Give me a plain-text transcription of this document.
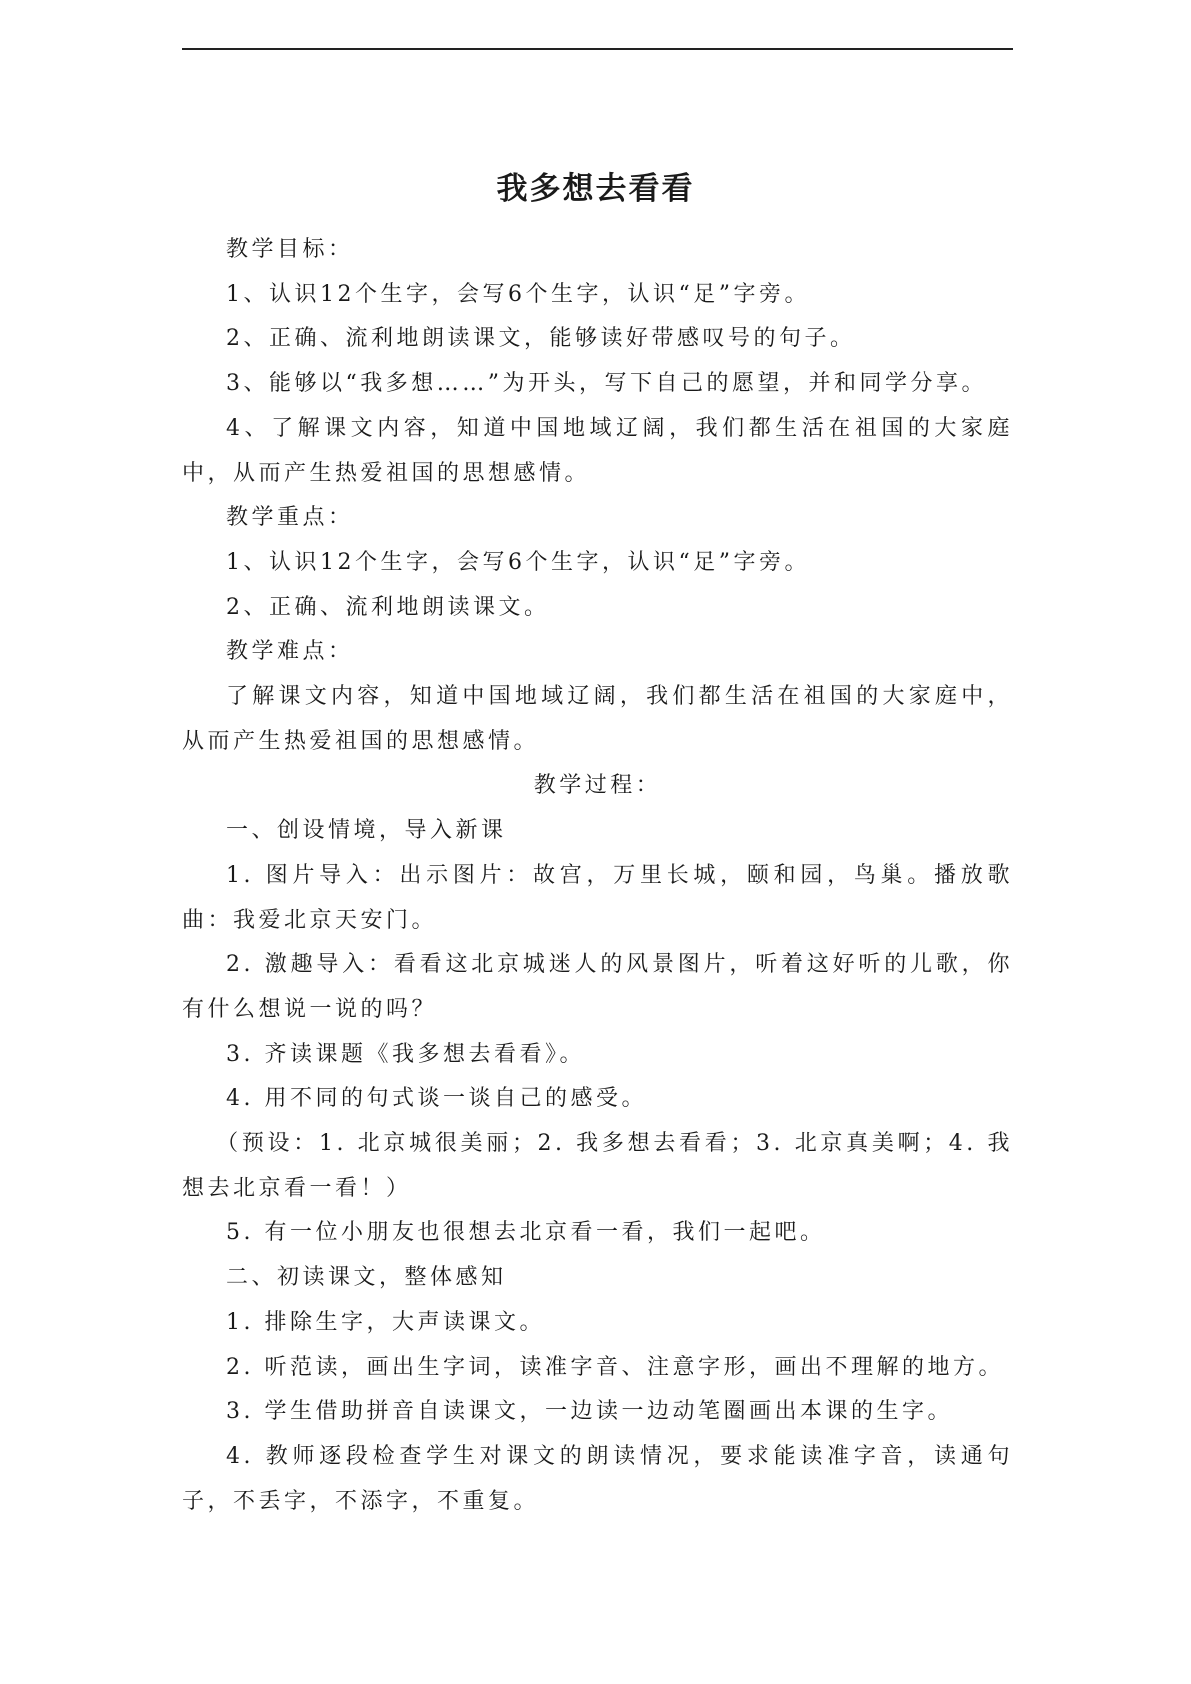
我多想去看看

教学目标：

1、认识12个生字，会写6个生字，认识“足”字旁。

2、正确、流利地朗读课文，能够读好带感叹号的句子。

3、能够以“我多想……”为开头，写下自己的愿望，并和同学分享。

4、了解课文内容，知道中国地域辽阔，我们都生活在祖国的大家庭中，从而产生热爱祖国的思想感情。

教学重点：

1、认识12个生字，会写6个生字，认识“足”字旁。

2、正确、流利地朗读课文。

教学难点：

了解课文内容，知道中国地域辽阔，我们都生活在祖国的大家庭中，从而产生热爱祖国的思想感情。

教学过程：

一、创设情境，导入新课

1. 图片导入：出示图片：故宫，万里长城，颐和园，鸟巢。播放歌曲：我爱北京天安门。

2. 激趣导入：看看这北京城迷人的风景图片，听着这好听的儿歌，你有什么想说一说的吗？

3. 齐读课题《我多想去看看》。

4. 用不同的句式谈一谈自己的感受。

（预设：1. 北京城很美丽；2. 我多想去看看；3. 北京真美啊；4. 我想去北京看一看！）

5. 有一位小朋友也很想去北京看一看，我们一起吧。

二、初读课文，整体感知

1. 排除生字，大声读课文。

2. 听范读，画出生字词，读准字音、注意字形，画出不理解的地方。

3. 学生借助拼音自读课文，一边读一边动笔圈画出本课的生字。

4. 教师逐段检查学生对课文的朗读情况，要求能读准字音，读通句子，不丢字，不添字，不重复。
